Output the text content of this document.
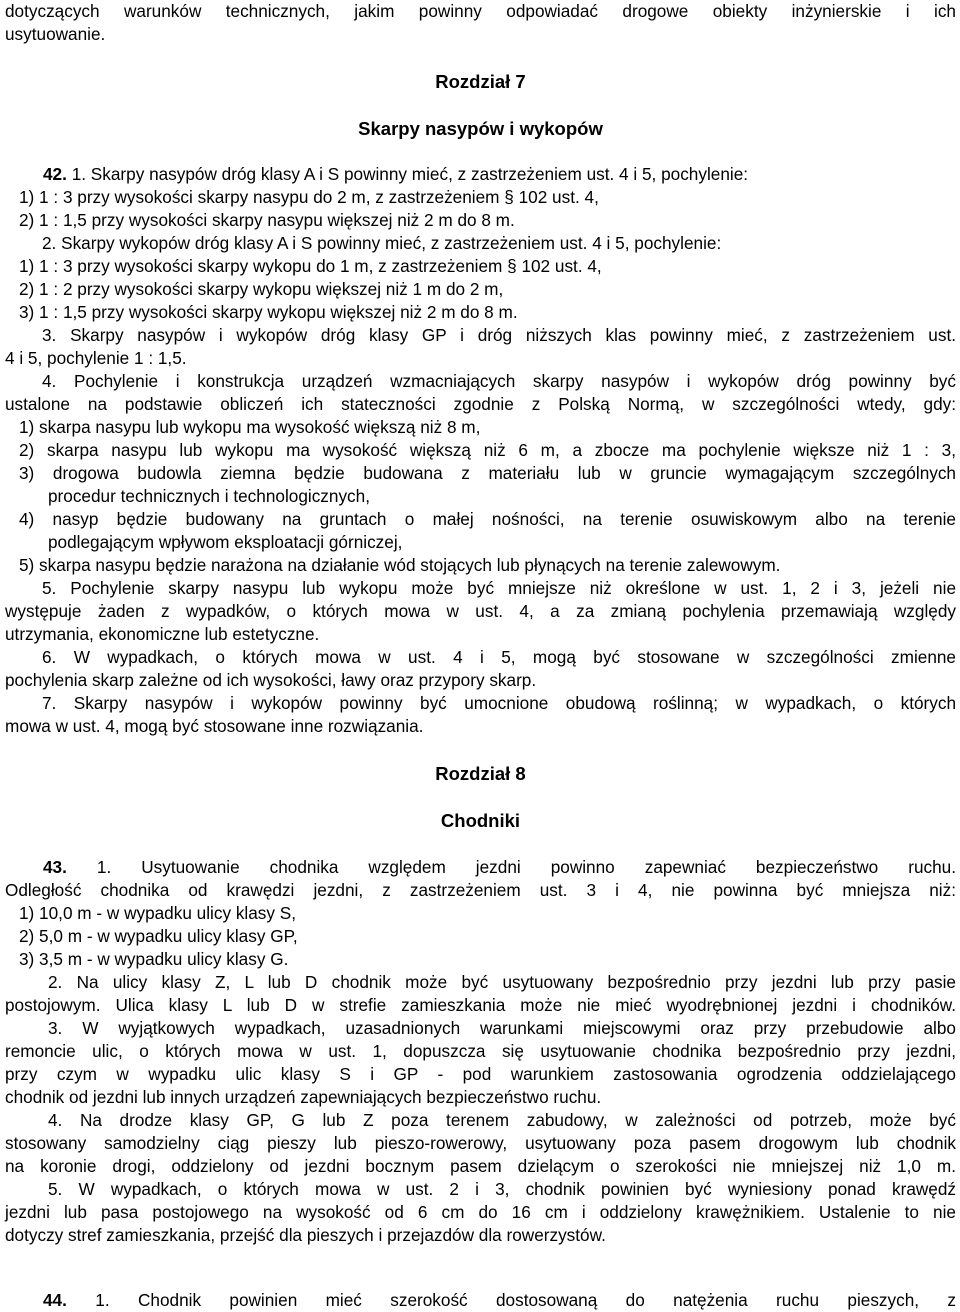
dotyczących warunków technicznych, jakim powinny odpowiadać drogowe obiekty inżynierskie i ich
usytuowanie.
Rozdział 7
Skarpy nasypów i wykopów
42. 1. Skarpy nasypów dróg klasy A i S powinny mieć, z zastrzeżeniem ust. 4 i 5, pochylenie:
1) 1 : 3 przy wysokości skarpy nasypu do 2 m, z zastrzeżeniem § 102 ust. 4,
2) 1 : 1,5 przy wysokości skarpy nasypu większej niż 2 m do 8 m.
2. Skarpy wykopów dróg klasy A i S powinny mieć, z zastrzeżeniem ust. 4 i 5, pochylenie:
1) 1 : 3 przy wysokości skarpy wykopu do 1 m, z zastrzeżeniem § 102 ust. 4,
2) 1 : 2 przy wysokości skarpy wykopu większej niż 1 m do 2 m,
3) 1 : 1,5 przy wysokości skarpy wykopu większej niż 2 m do 8 m.
3. Skarpy nasypów i wykopów dróg klasy GP i dróg niższych klas powinny mieć, z zastrzeżeniem ust.
4 i 5, pochylenie 1 : 1,5.
4. Pochylenie i konstrukcja urządzeń wzmacniających skarpy nasypów i wykopów dróg powinny być
ustalone na podstawie obliczeń ich stateczności zgodnie z Polską Normą, w szczególności wtedy, gdy:
1) skarpa nasypu lub wykopu ma wysokość większą niż 8 m,
2) skarpa nasypu lub wykopu ma wysokość większą niż 6 m, a zbocze ma pochylenie większe niż 1 : 3,
3) drogowa budowla ziemna będzie budowana z materiału lub w gruncie wymagającym szczególnych
procedur technicznych i technologicznych,
4) nasyp będzie budowany na gruntach o małej nośności, na terenie osuwiskowym albo na terenie
podlegającym wpływom eksploatacji górniczej,
5) skarpa nasypu będzie narażona na działanie wód stojących lub płynących na terenie zalewowym.
5. Pochylenie skarpy nasypu lub wykopu może być mniejsze niż określone w ust. 1, 2 i 3, jeżeli nie
występuje żaden z wypadków, o których mowa w ust. 4, a za zmianą pochylenia przemawiają względy
utrzymania, ekonomiczne lub estetyczne.
6. W wypadkach, o których mowa w ust. 4 i 5, mogą być stosowane w szczególności zmienne
pochylenia skarp zależne od ich wysokości, ławy oraz przypory skarp.
7. Skarpy nasypów i wykopów powinny być umocnione obudową roślinną; w wypadkach, o których
mowa w ust. 4, mogą być stosowane inne rozwiązania.
Rozdział 8
Chodniki
43. 1. Usytuowanie chodnika względem jezdni powinno zapewniać bezpieczeństwo ruchu.
Odległość chodnika od krawędzi jezdni, z zastrzeżeniem ust. 3 i 4, nie powinna być mniejsza niż:
1) 10,0 m - w wypadku ulicy klasy S,
2) 5,0 m - w wypadku ulicy klasy GP,
3) 3,5 m - w wypadku ulicy klasy G.
2. Na ulicy klasy Z, L lub D chodnik może być usytuowany bezpośrednio przy jezdni lub przy pasie
postojowym. Ulica klasy L lub D w strefie zamieszkania może nie mieć wyodrębnionej jezdni i chodników.
3. W wyjątkowych wypadkach, uzasadnionych warunkami miejscowymi oraz przy przebudowie albo
remoncie ulic, o których mowa w ust. 1, dopuszcza się usytuowanie chodnika bezpośrednio przy jezdni,
przy czym w wypadku ulic klasy S i GP - pod warunkiem zastosowania ogrodzenia oddzielającego
chodnik od jezdni lub innych urządzeń zapewniających bezpieczeństwo ruchu.
4. Na drodze klasy GP, G lub Z poza terenem zabudowy, w zależności od potrzeb, może być
stosowany samodzielny ciąg pieszy lub pieszo-rowerowy, usytuowany poza pasem drogowym lub chodnik
na koronie drogi, oddzielony od jezdni bocznym pasem dzielącym o szerokości nie mniejszej niż 1,0 m.
5. W wypadkach, o których mowa w ust. 2 i 3, chodnik powinien być wyniesiony ponad krawędź
jezdni lub pasa postojowego na wysokość od 6 cm do 16 cm i oddzielony krawężnikiem. Ustalenie to nie
dotyczy stref zamieszkania, przejść dla pieszych i przejazdów dla rowerzystów.
44. 1. Chodnik powinien mieć szerokość dostosowaną do natężenia ruchu pieszych, z
